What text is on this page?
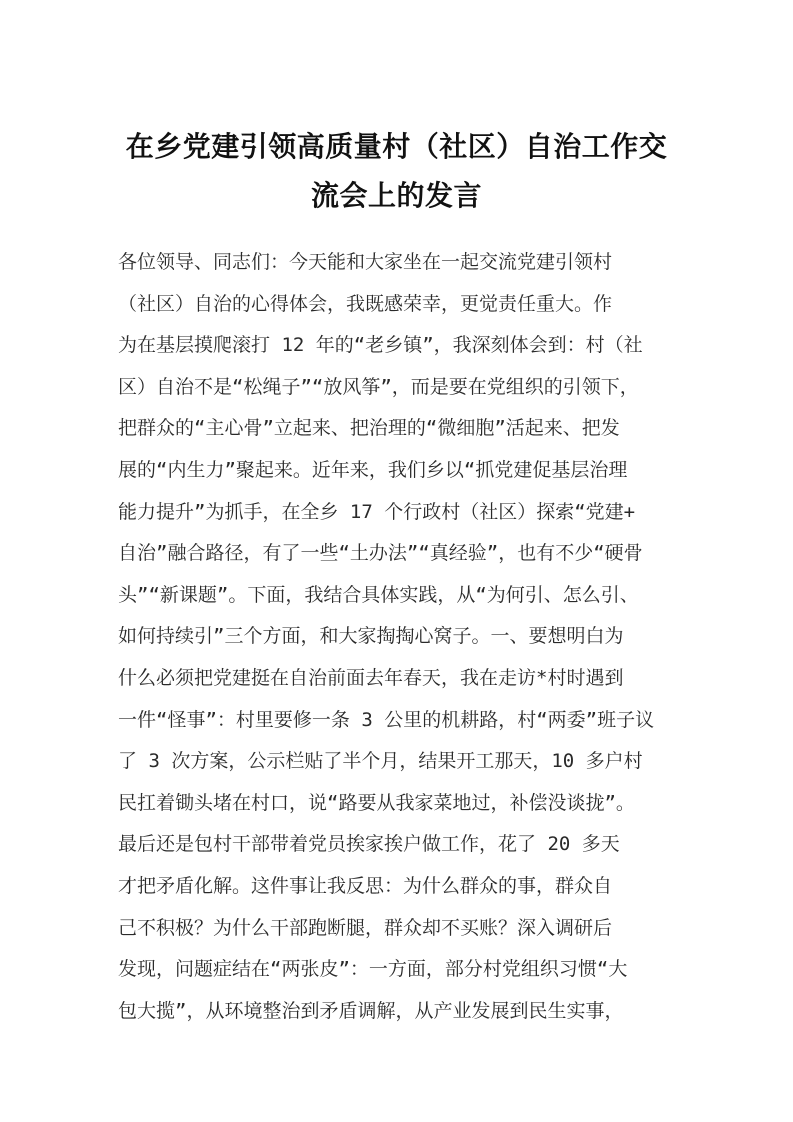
在乡党建引领高质量村（社区）自治工作交
流会上的发言
各位领导、同志们：今天能和大家坐在一起交流党建引领村
（社区）自治的心得体会，我既感荣幸，更觉责任重大。作
为在基层摸爬滚打 12 年的“老乡镇”，我深刻体会到：村（社
区）自治不是“松绳子”“放风筝”，而是要在党组织的引领下，
把群众的“主心骨”立起来、把治理的“微细胞”活起来、把发
展的“内生力”聚起来。近年来，我们乡以“抓党建促基层治理
能力提升”为抓手，在全乡 17 个行政村（社区）探索“党建+
自治”融合路径，有了一些“土办法”“真经验”，也有不少“硬骨
头”“新课题”。下面，我结合具体实践，从“为何引、怎么引、
如何持续引”三个方面，和大家掏掏心窝子。一、要想明白为
什么必须把党建挺在自治前面去年春天，我在走访*村时遇到
一件“怪事”：村里要修一条 3 公里的机耕路，村“两委”班子议
了 3 次方案，公示栏贴了半个月，结果开工那天，10 多户村
民扛着锄头堵在村口，说“路要从我家菜地过，补偿没谈拢”。
最后还是包村干部带着党员挨家挨户做工作，花了 20 多天
才把矛盾化解。这件事让我反思：为什么群众的事，群众自
己不积极？为什么干部跑断腿，群众却不买账？深入调研后
发现，问题症结在“两张皮”：一方面，部分村党组织习惯“大
包大揽”，从环境整治到矛盾调解，从产业发展到民生实事，
